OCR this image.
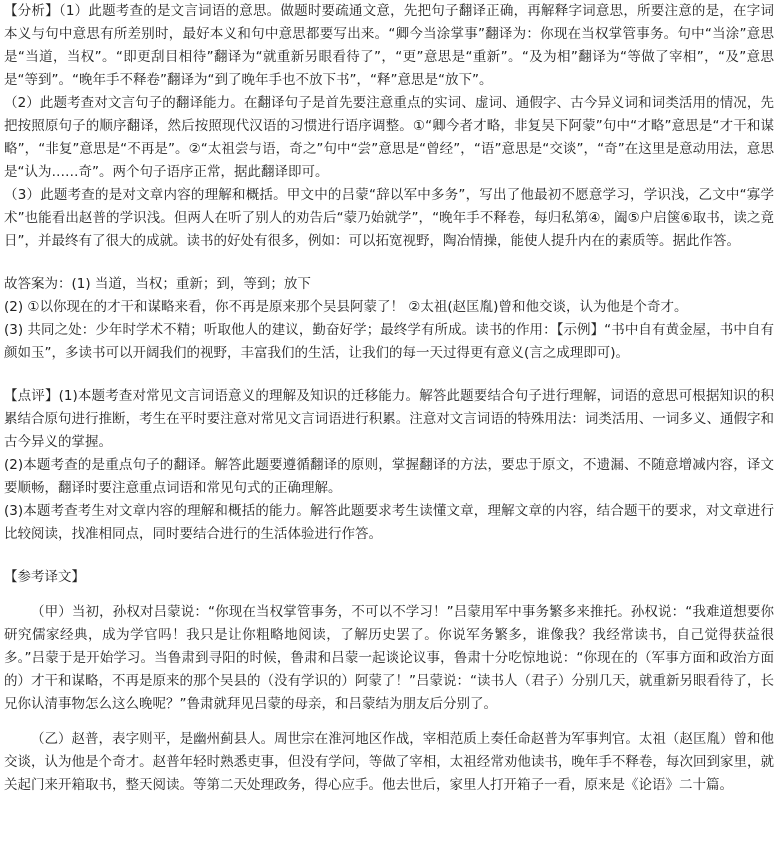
【分析】（1）此题考查的是文言词语的意思。做题时要疏通文意，先把句子翻译正确，再解释字词意思，所要注意的是，在字词本义与句中意思有所差别时，最好本义和句中意思都要写出来。“卿今当涂掌事”翻译为：你现在当权掌管事务。句中“当涂”意思是“当道，当权”。“即更刮目相待”翻译为“就重新另眼看待了”，“更”意思是“重新”。“及为相”翻译为“等做了宰相”，“及”意思是“等到”。“晚年手不释卷”翻译为“到了晚年手也不放下书”，“释”意思是“放下”。

（2）此题考查对文言句子的翻译能力。在翻译句子是首先要注意重点的实词、虚词、通假字、古今异义词和词类活用的情况，先把按照原句子的顺序翻译，然后按照现代汉语的习惯进行语序调整。①“卿今者才略，非复吴下阿蒙”句中“才略”意思是“才干和谋略”，“非复”意思是“不再是”。②“太祖尝与语，奇之”句中“尝”意思是“曾经”，“语”意思是“交谈”，“奇”在这里是意动用法，意思是“认为……奇”。两个句子语序正常，据此翻译即可。

（3）此题考查的是对文章内容的理解和概括。甲文中的吕蒙“辞以军中多务”，写出了他最初不愿意学习，学识浅，乙文中“寡学术”也能看出赵普的学识浅。但两人在听了别人的劝告后“蒙乃始就学”，“晚年手不释卷，每归私第④，阖⑤户启箧⑥取书，读之竟日”，并最终有了很大的成就。读书的好处有很多，例如：可以拓宽视野，陶冶情操，能使人提升内在的素质等。据此作答。

故答案为：(1) 当道，当权；重新；到，等到；放下

(2) ①以你现在的才干和谋略来看，你不再是原来那个吴县阿蒙了！ ②太祖(赵匡胤)曾和他交谈，认为他是个奇才。

(3) 共同之处：少年时学术不精；听取他人的建议，勤奋好学；最终学有所成。读书的作用：【示例】“书中自有黄金屋，书中自有颜如玉”，多读书可以开阔我们的视野，丰富我们的生活，让我们的每一天过得更有意义(言之成理即可)。

【点评】(1)本题考查对常见文言词语意义的理解及知识的迁移能力。解答此题要结合句子进行理解，词语的意思可根据知识的积累结合原句进行推断，考生在平时要注意对常见文言词语进行积累。注意对文言词语的特殊用法：词类活用、一词多义、通假字和古今异义的掌握。

(2)本题考查的是重点句子的翻译。解答此题要遵循翻译的原则，掌握翻译的方法，要忠于原文，不遗漏、不随意增减内容，译文要顺畅，翻译时要注意重点词语和常见句式的正确理解。

(3)本题考查考生对文章内容的理解和概括的能力。解答此题要求考生读懂文章，理解文章的内容，结合题干的要求，对文章进行比较阅读，找准相同点，同时要结合进行的生活体验进行作答。

【参考译文】

（甲）当初，孙权对吕蒙说：“你现在当权掌管事务，不可以不学习！”吕蒙用军中事务繁多来推托。孙权说：“我难道想要你研究儒家经典，成为学官吗！我只是让你粗略地阅读，了解历史罢了。你说军务繁多，谁像我？我经常读书，自己觉得获益很多。”吕蒙于是开始学习。当鲁肃到寻阳的时候，鲁肃和吕蒙一起谈论议事，鲁肃十分吃惊地说：“你现在的（军事方面和政治方面的）才干和谋略，不再是原来的那个吴县的（没有学识的）阿蒙了！”吕蒙说：“读书人（君子）分别几天，就重新另眼看待了，长兄你认清事物怎么这么晚呢？”鲁肃就拜见吕蒙的母亲，和吕蒙结为朋友后分别了。

（乙）赵普，表字则平，是幽州蓟县人。周世宗在淮河地区作战，宰相范质上奏任命赵普为军事判官。太祖（赵匡胤）曾和他交谈，认为他是个奇才。赵普年轻时熟悉吏事，但没有学问，等做了宰相，太祖经常劝他读书，晚年手不释卷，每次回到家里，就关起门来开箱取书，整天阅读。等第二天处理政务，得心应手。他去世后，家里人打开箱子一看，原来是《论语》二十篇。
